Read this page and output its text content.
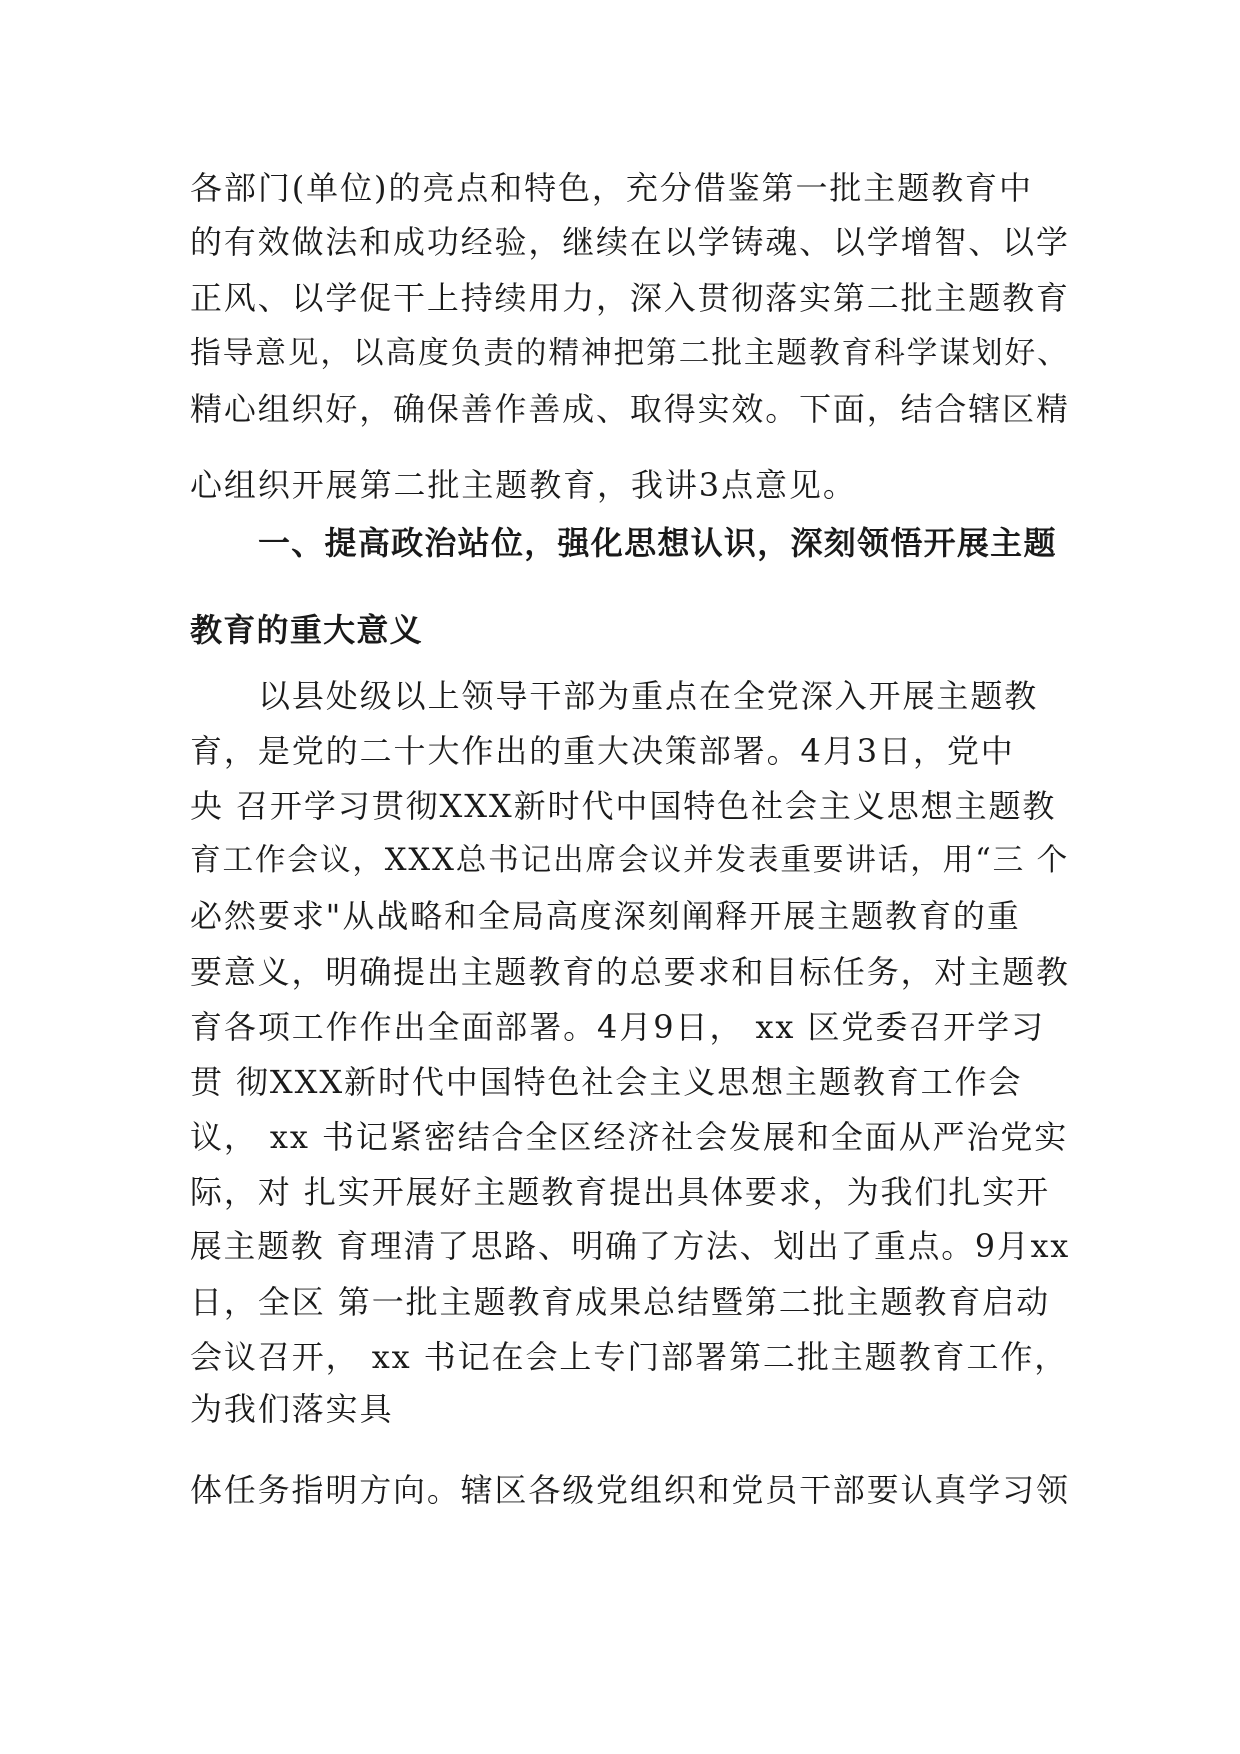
各部门(单位)的亮点和特色，充分借鉴第一批主题教育中
的有效做法和成功经验，继续在以学铸魂、以学增智、以学
正风、以学促干上持续用力，深入贯彻落实第二批主题教育
指导意见，以高度负责的精神把第二批主题教育科学谋划好、
精心组织好，确保善作善成、取得实效。下面，结合辖区精
心组织开展第二批主题教育，我讲3点意见。
一、提高政治站位，强化思想认识，深刻领悟开展主题
教育的重大意义
以县处级以上领导干部为重点在全党深入开展主题教
育，是党的二十大作出的重大决策部署。4月3日，党中
央 召开学习贯彻XXX新时代中国特色社会主义思想主题教
育工作会议，XXX总书记出席会议并发表重要讲话，用“三 个
必然要求"从战略和全局高度深刻阐释开展主题教育的重
要意义，明确提出主题教育的总要求和目标任务，对主题教
育各项工作作出全面部署。4月9日， xx 区党委召开学习
贯 彻XXX新时代中国特色社会主义思想主题教育工作会
议， xx 书记紧密结合全区经济社会发展和全面从严治党实
际，对 扎实开展好主题教育提出具体要求，为我们扎实开
展主题教 育理清了思路、明确了方法、划出了重点。9月xx
日，全区 第一批主题教育成果总结暨第二批主题教育启动
会议召开， xx 书记在会上专门部署第二批主题教育工作，
为我们落实具
体任务指明方向。辖区各级党组织和党员干部要认真学习领
